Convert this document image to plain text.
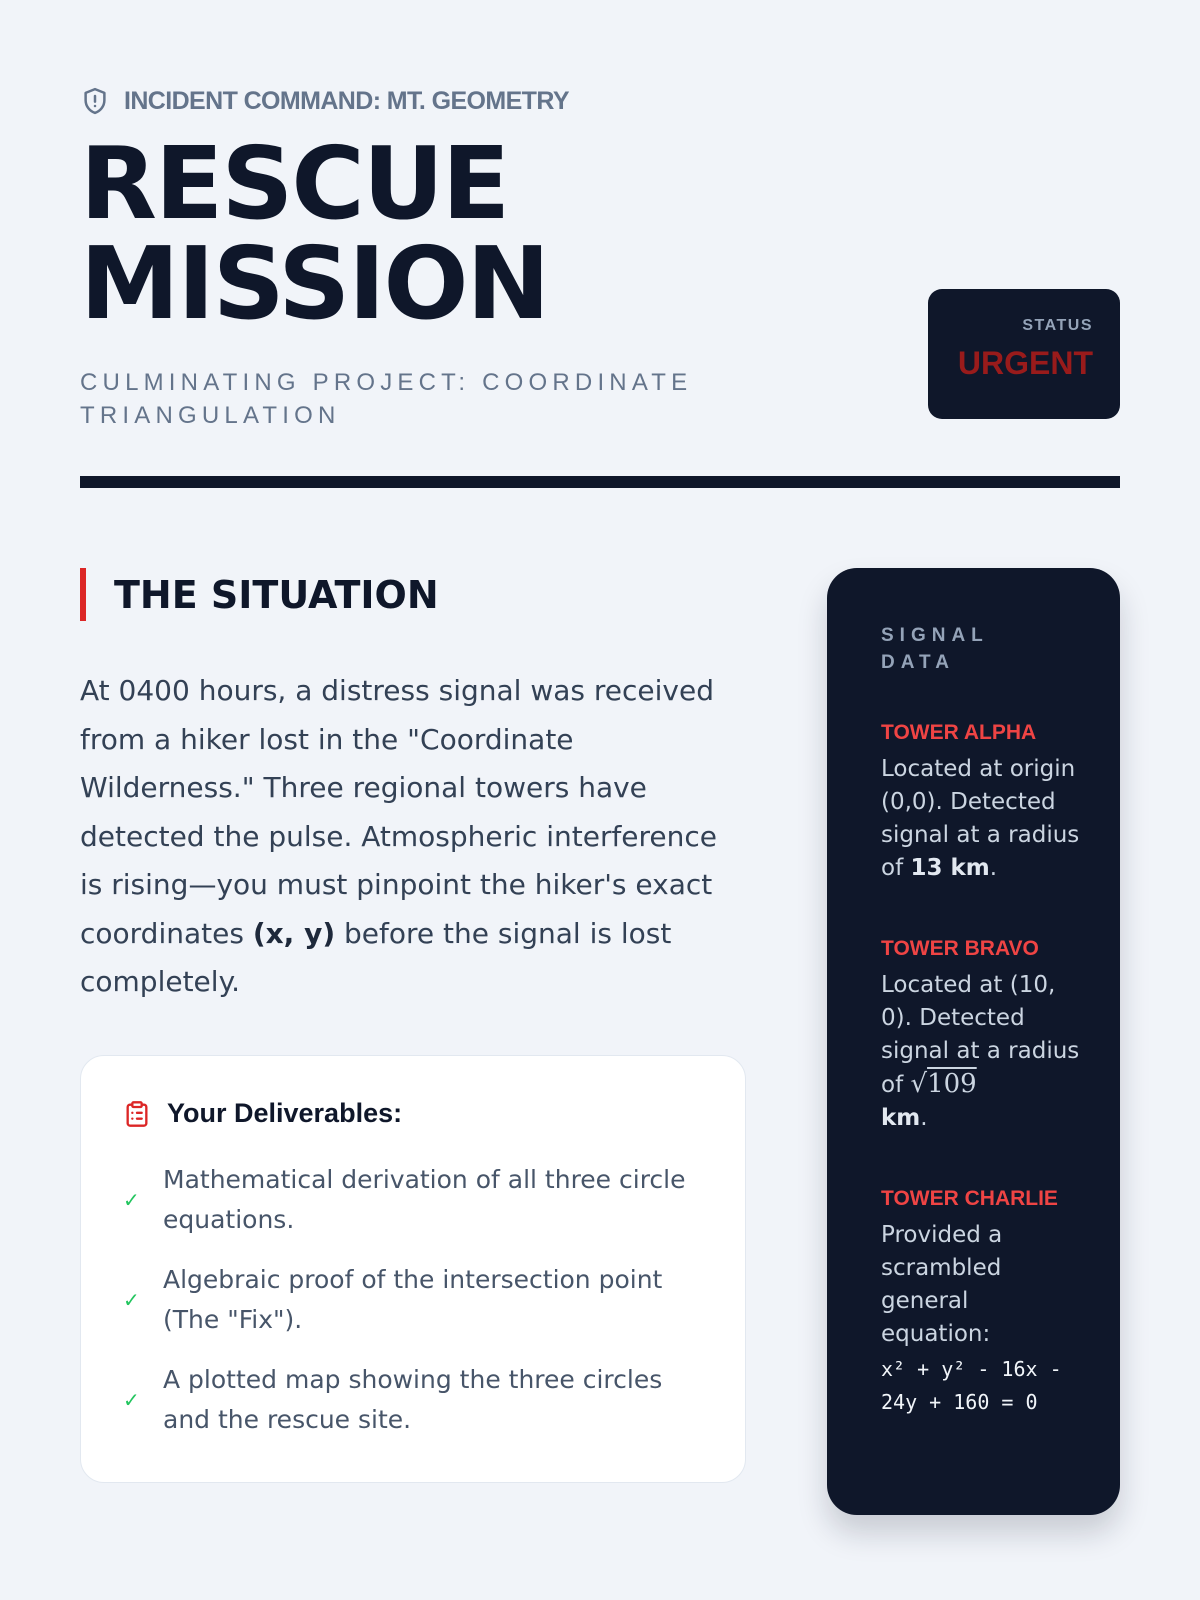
INCIDENT COMMAND: MT. GEOMETRY
RESCUE
MISSION
CULMINATING PROJECT: COORDINATE TRIANGULATION
STATUS
URGENT
THE SITUATION

At 0400 hours, a distress signal was received from a hiker lost in the "Coordinate Wilderness." Three regional towers have detected the pulse. Atmospheric interference is rising—you must pinpoint the hiker's exact coordinates (x, y) before the signal is lost completely.

Your Deliverables:
✓
Mathematical derivation of all three circle equations.
✓
Algebraic proof of the intersection point (The "Fix").
✓
A plotted map showing the three circles and the rescue site.
SIGNAL DATA
TOWER ALPHA
Located at origin (0,0). Detected signal at a radius of 13 km.
TOWER BRAVO
Located at (10, 0). Detected signal at a radius of √109
km.
TOWER CHARLIE
Provided a scrambled general equation:
x² + y² - 16x - 24y + 160 = 0
